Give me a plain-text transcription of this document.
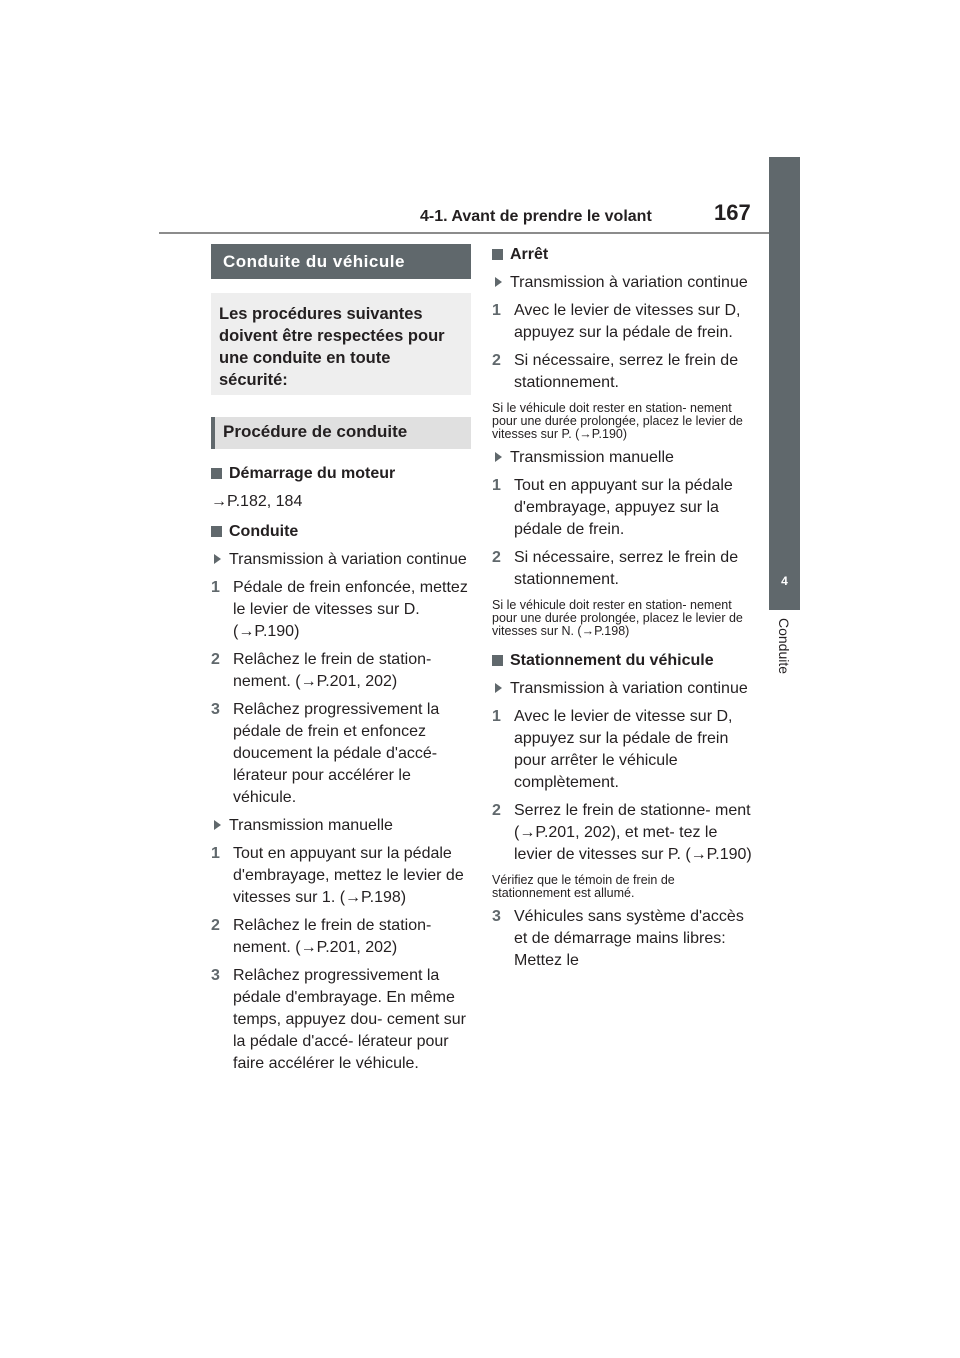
4-1. Avant de prendre le volant	167
4
Conduite
Conduite du véhicule
Les procédures suivantes doivent être respectées pour une conduite en toute sécurité:
Procédure de conduite
Démarrage du moteur
→P.182, 184
Conduite
Transmission à variation continue
1 Pédale de frein enfoncée, mettez le levier de vitesses sur D. (→P.190)
2 Relâchez le frein de station- nement. (→P.201, 202)
3 Relâchez progressivement la pédale de frein et enfoncez doucement la pédale d'accé- lérateur pour accélérer le véhicule.
Transmission manuelle
1 Tout en appuyant sur la pédale d'embrayage, mettez le levier de vitesses sur 1. (→P.198)
2 Relâchez le frein de station- nement. (→P.201, 202)
3 Relâchez progressivement la pédale d'embrayage. En même temps, appuyez dou- cement sur la pédale d'accé- lérateur pour faire accélérer le véhicule.
Arrêt
Transmission à variation continue
1 Avec le levier de vitesses sur D, appuyez sur la pédale de frein.
2 Si nécessaire, serrez le frein de stationnement.
Si le véhicule doit rester en station- nement pour une durée prolongée, placez le levier de vitesses sur P. (→P.190)
Transmission manuelle
1 Tout en appuyant sur la pédale d'embrayage, appuyez sur la pédale de frein.
2 Si nécessaire, serrez le frein de stationnement.
Si le véhicule doit rester en station- nement pour une durée prolongée, placez le levier de vitesses sur N. (→P.198)
Stationnement du véhicule
Transmission à variation continue
1 Avec le levier de vitesse sur D, appuyez sur la pédale de frein pour arrêter le véhicule complètement.
2 Serrez le frein de stationne- ment (→P.201, 202), et met- tez le levier de vitesses sur P. (→P.190)
Vérifiez que le témoin de frein de stationnement est allumé.
3 Véhicules sans système d'accès et de démarrage mains libres: Mettez le
